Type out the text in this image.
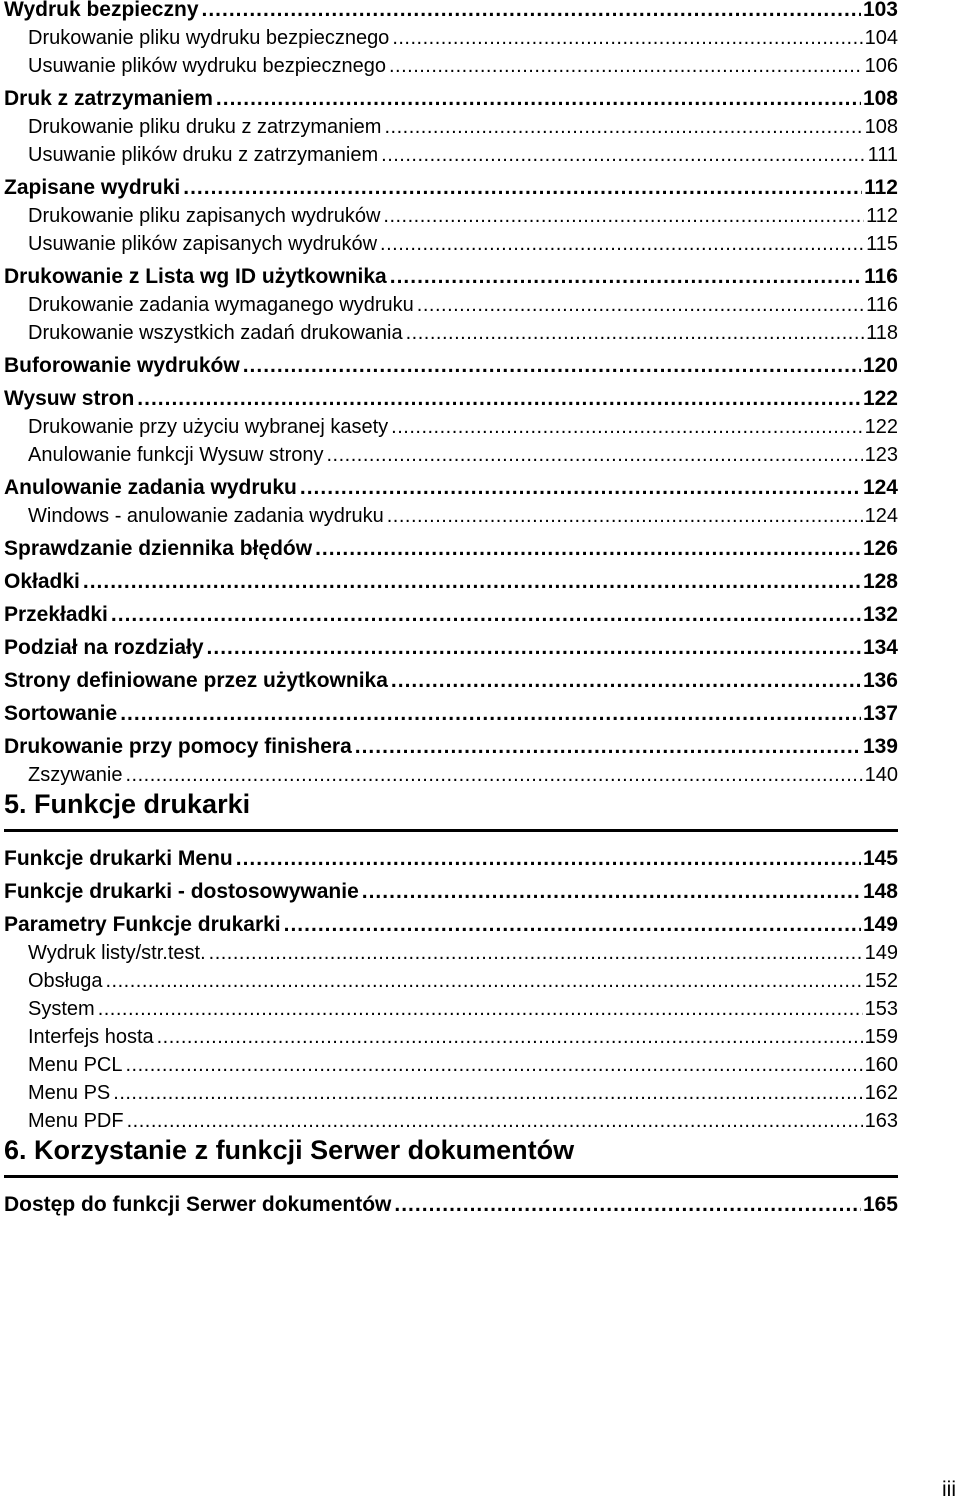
Wydruk bezpieczny .....	103
Drukowanie pliku wydruku bezpiecznego .....	104
Usuwanie plików wydruku bezpiecznego .....	106
Druk z zatrzymaniem .....	108
Drukowanie pliku druku z zatrzymaniem .....	108
Usuwanie plików druku z zatrzymaniem .....	111
Zapisane wydruki .....	112
Drukowanie pliku zapisanych wydruków .....	112
Usuwanie plików zapisanych wydruków .....	115
Drukowanie z Lista wg ID użytkownika .....	116
Drukowanie zadania wymaganego wydruku .....	116
Drukowanie wszystkich zadań drukowania .....	118
Buforowanie wydruków .....	120
Wysuw stron .....	122
Drukowanie przy użyciu wybranej kasety .....	122
Anulowanie funkcji Wysuw strony .....	123
Anulowanie zadania wydruku .....	124
Windows - anulowanie zadania wydruku .....	124
Sprawdzanie dziennika błędów .....	126
Okładki .....	128
Przekładki .....	132
Podział na rozdziały .....	134
Strony definiowane przez użytkownika .....	136
Sortowanie .....	137
Drukowanie przy pomocy finishera .....	139
Zszywanie .....	140
5. Funkcje drukarki
Funkcje drukarki Menu .....	145
Funkcje drukarki - dostosowywanie .....	148
Parametry Funkcje drukarki .....	149
Wydruk listy/str.test. .....	149
Obsługa .....	152
System .....	153
Interfejs hosta .....	159
Menu PCL .....	160
Menu PS .....	162
Menu PDF .....	163
6. Korzystanie z funkcji Serwer dokumentów
Dostęp do funkcji Serwer dokumentów .....	165
iii
